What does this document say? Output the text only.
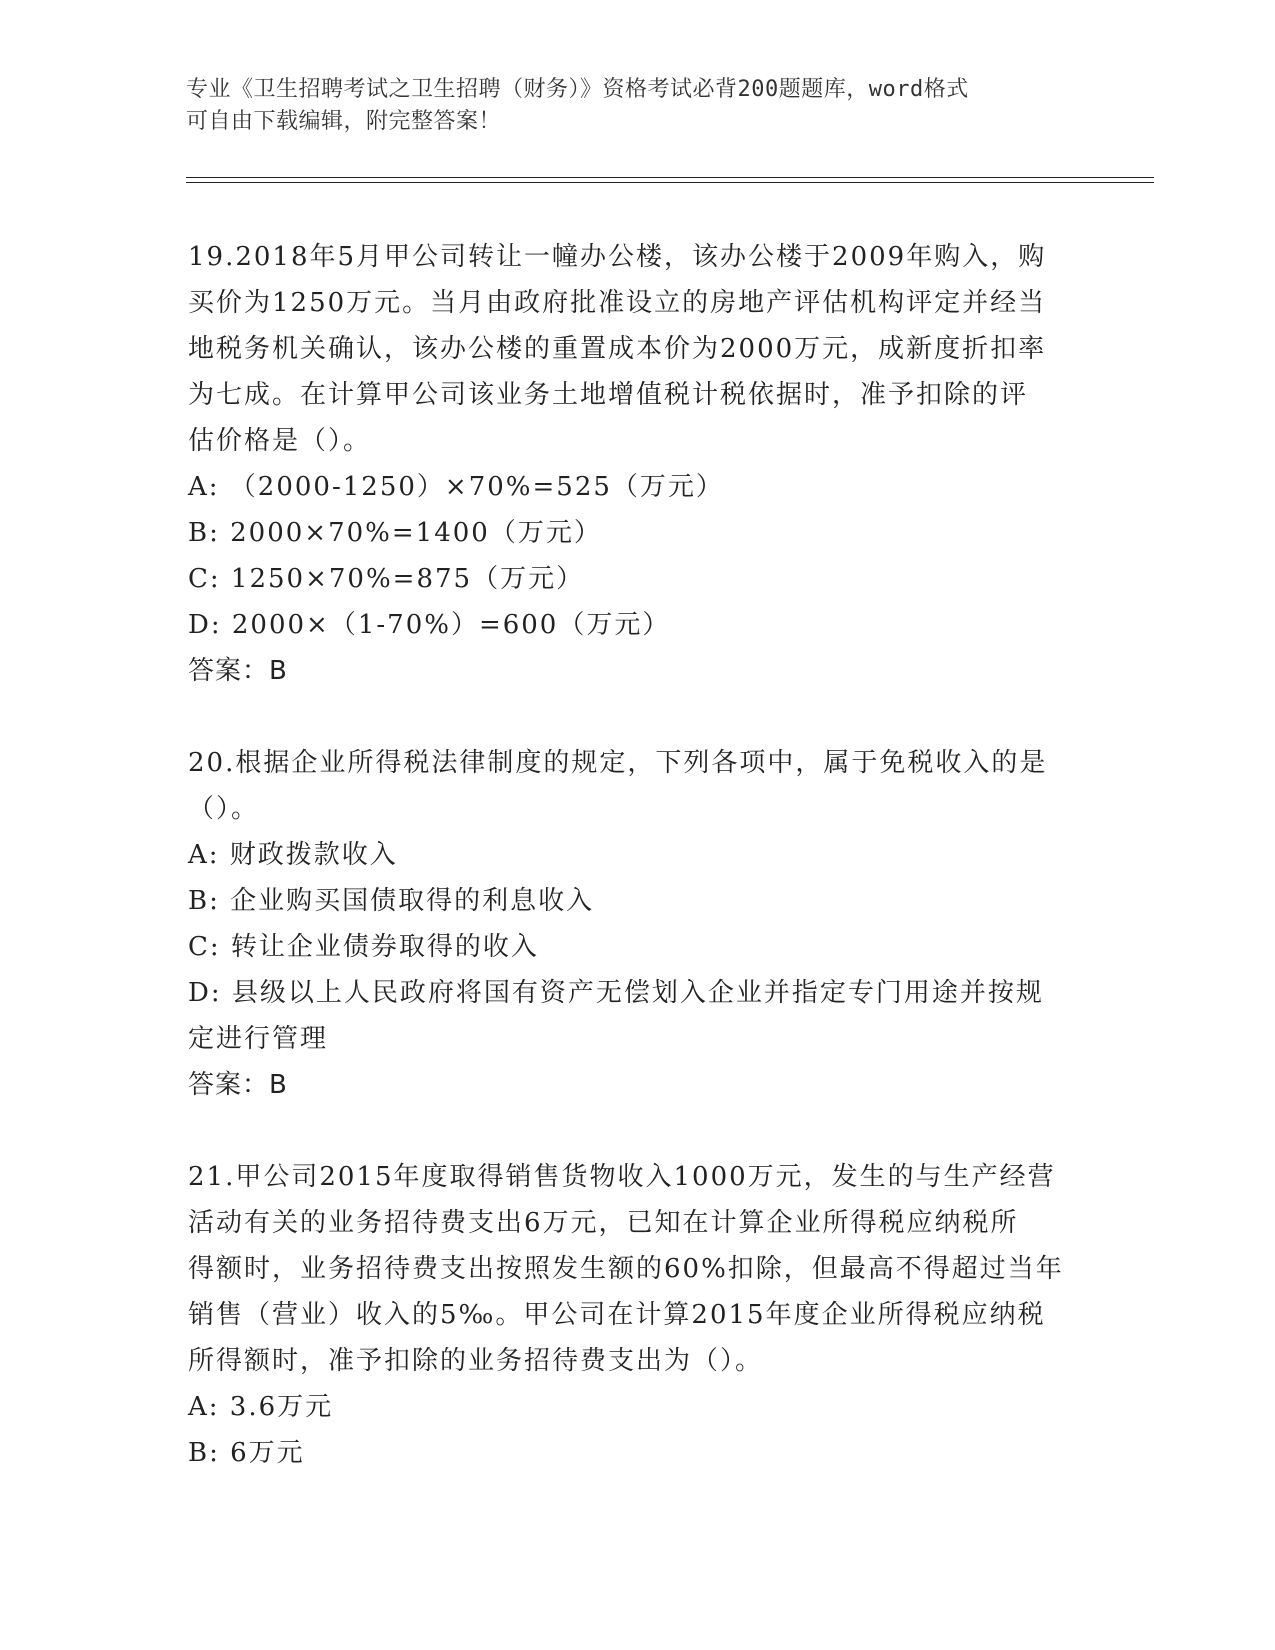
专业《卫生招聘考试之卫生招聘（财务）》资格考试必背200题题库，word格式
可自由下载编辑，附完整答案！
19.2018年5月甲公司转让一幢办公楼，该办公楼于2009年购入，购
买价为1250万元。当月由政府批准设立的房地产评估机构评定并经当
地税务机关确认，该办公楼的重置成本价为2000万元，成新度折扣率
为七成。在计算甲公司该业务土地增值税计税依据时，准予扣除的评
估价格是（）。
A: （2000-1250）×70%=525（万元）
B: 2000×70%=1400（万元）
C: 1250×70%=875（万元）
D: 2000×（1-70%）=600（万元）
答案：B
20.根据企业所得税法律制度的规定，下列各项中，属于免税收入的是
（）。
A: 财政拨款收入
B: 企业购买国债取得的利息收入
C: 转让企业债券取得的收入
D: 县级以上人民政府将国有资产无偿划入企业并指定专门用途并按规
定进行管理
答案：B
21.甲公司2015年度取得销售货物收入1000万元，发生的与生产经营
活动有关的业务招待费支出6万元，已知在计算企业所得税应纳税所
得额时，业务招待费支出按照发生额的60%扣除，但最高不得超过当年
销售（营业）收入的5‰。甲公司在计算2015年度企业所得税应纳税
所得额时，准予扣除的业务招待费支出为（）。
A: 3.6万元
B: 6万元
